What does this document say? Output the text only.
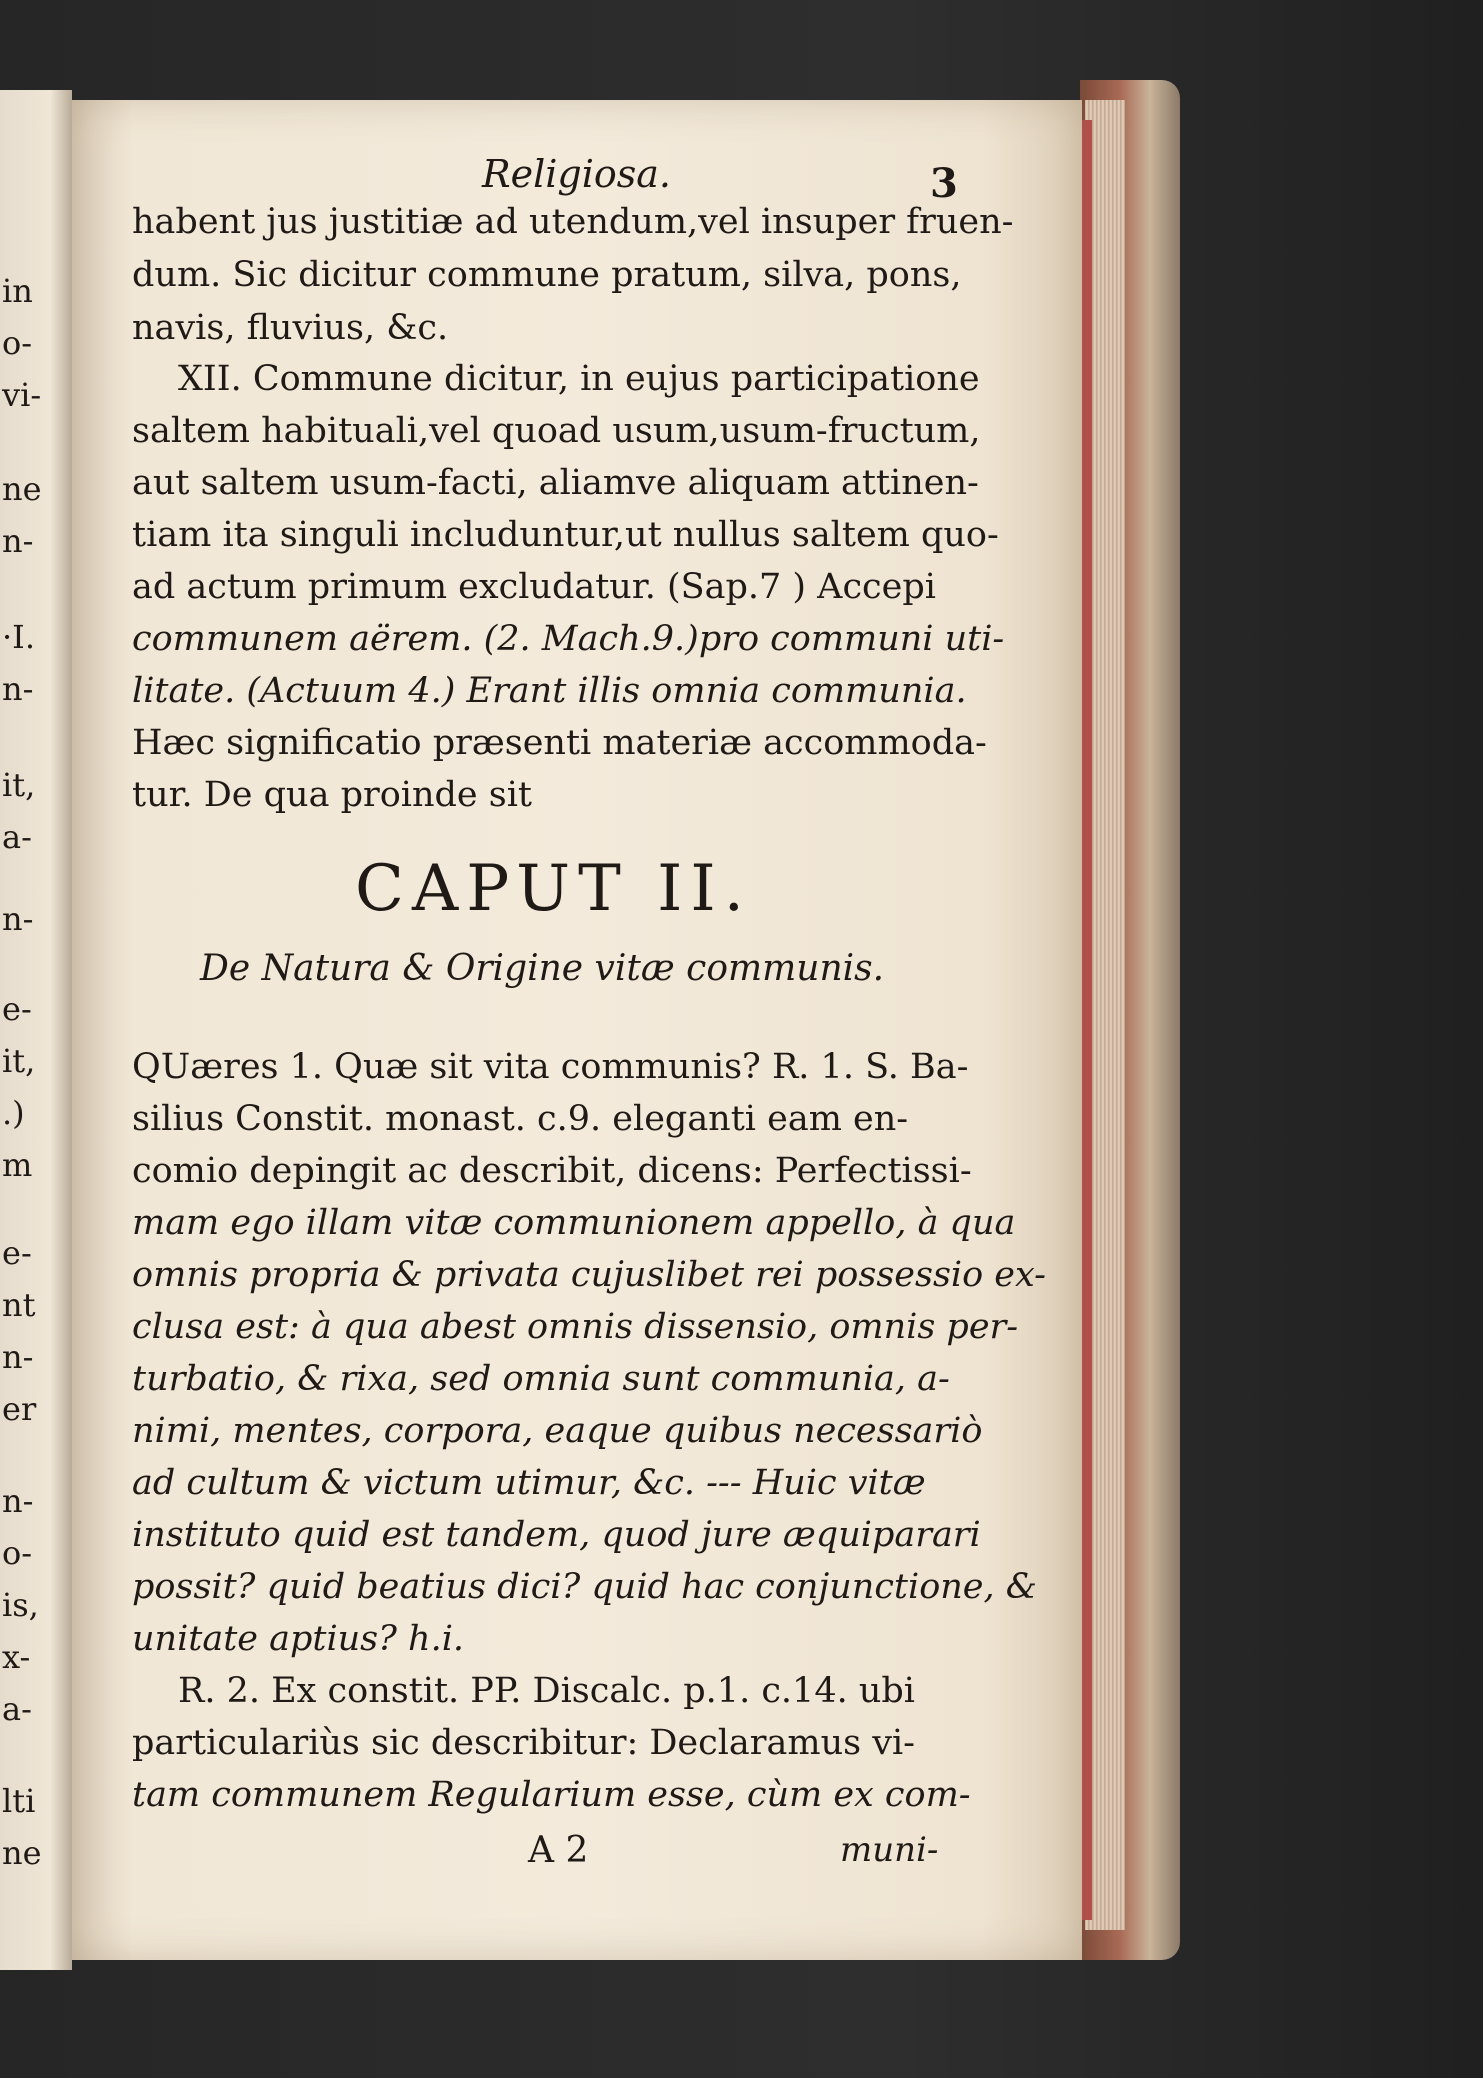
in
o-
vi-
ne
n-
·I.
n-
it,
a-
n-
e-
it,
.)
m
e-
nt
n-
er
n-
o-
is,
x-
a-
lti
ne
Religiosa.	3
habent jus justitiæ ad utendum,vel insuper fruen-
dum. Sic dicitur commune pratum, silva, pons,
navis, fluvius, &c.
XII. Commune dicitur, in eujus participatione
saltem habituali,vel quoad usum,usum-fructum,
aut saltem usum-facti, aliamve aliquam attinen-
tiam ita singuli includuntur,ut nullus saltem quo-
ad actum primum excludatur. (Sap.7 ) Accepi
communem aërem. (2. Mach.9.)pro communi uti-
litate. (Actuum 4.) Erant illis omnia communia.
Hæc significatio præsenti materiæ accommoda-
tur. De qua proinde sit
CAPUT II.
De Natura & Origine vitæ communis.
QUæres 1. Quæ sit vita communis? R. 1. S. Ba-
silius Constit. monast. c.9. eleganti eam en-
comio depingit ac describit, dicens: Perfectissi-
mam ego illam vitæ communionem appello, à qua
omnis propria & privata cujuslibet rei possessio ex-
clusa est: à qua abest omnis dissensio, omnis per-
turbatio, & rixa, sed omnia sunt communia, a-
nimi, mentes, corpora, eaque quibus necessariò
ad cultum & victum utimur, &c. --- Huic vitæ
instituto quid est tandem, quod jure æquiparari
possit? quid beatius dici? quid hac conjunctione, &
unitate aptius? h.i.
R. 2. Ex constit. PP. Discalc. p.1. c.14. ubi
particulariùs sic describitur: Declaramus vi-
tam communem Regularium esse, cùm ex com-
A 2	muni-
